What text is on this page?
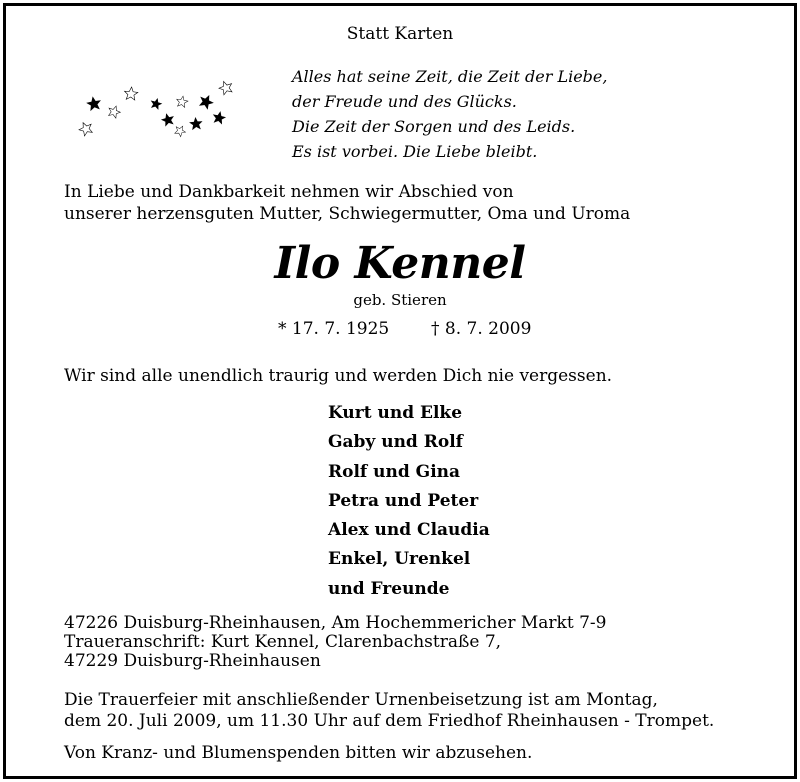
Statt Karten
Alles hat seine Zeit, die Zeit der Liebe,
der Freude und des Glücks.
Die Zeit der Sorgen und des Leids.
Es ist vorbei. Die Liebe bleibt.
In Liebe und Dankbarkeit nehmen wir Abschied von
unserer herzensguten Mutter, Schwiegermutter, Oma und Uroma
Ilo Kennel
geb. Stieren
* 17. 7. 1925 † 8. 7. 2009
Wir sind alle unendlich traurig und werden Dich nie vergessen.
Kurt und Elke
Gaby und Rolf
Rolf und Gina
Petra und Peter
Alex und Claudia
Enkel, Urenkel
und Freunde
47226 Duisburg-Rheinhausen, Am Hochemmericher Markt 7-9
Traueranschrift: Kurt Kennel, Clarenbachstraße 7,
47229 Duisburg-Rheinhausen
Die Trauerfeier mit anschließender Urnenbeisetzung ist am Montag,
dem 20. Juli 2009, um 11.30 Uhr auf dem Friedhof Rheinhausen - Trompet.
Von Kranz- und Blumenspenden bitten wir abzusehen.
